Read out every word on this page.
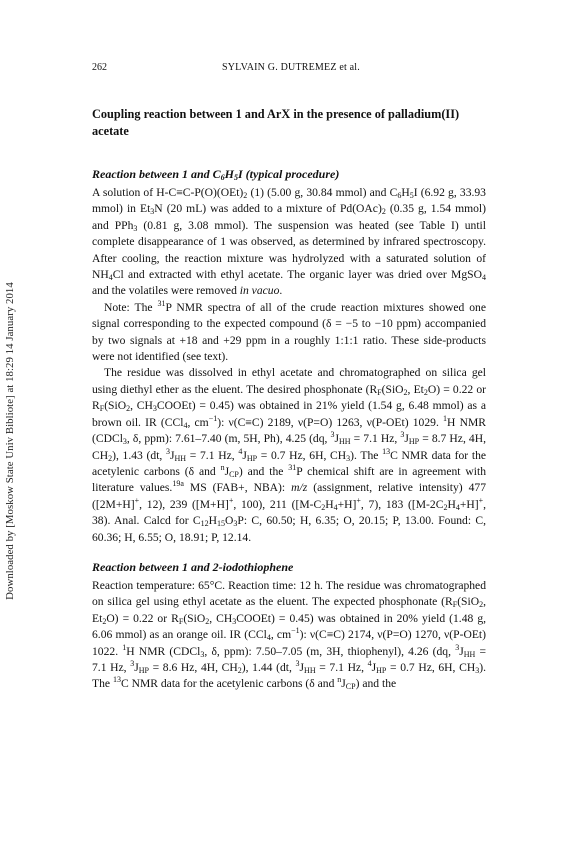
Downloaded by [Moskow State Univ Bibliote] at 18:29 14 January 2014
262	SYLVAIN G. DUTREMEZ et al.
Coupling reaction between 1 and ArX in the presence of palladium(II)
acetate
Reaction between 1 and $C_6H_5I$ (typical procedure)

A solution of $H-C\equiv C-P(O)(OEt)_2$ (1) (5.00 g, 30.84 mmol) and $C_6H_5I$ (6.92 g, 33.93 mmol) in $Et_3N$ (20 mL) was added to a mixture of $Pd(OAc)_2$ (0.35 g, 1.54 mmol) and PPh$_3$ (0.81 g, 3.08 mmol). The suspension was heated (see Table I) until complete disappearance of 1 was observed, as determined by infrared spectroscopy. After cooling, the reaction mixture was hydrolyzed with a saturated solution of $NH_4Cl$ and extracted with ethyl acetate. The organic layer was dried over MgSO$_4$ and the volatiles were removed in vacuo.

Note: The $^{31}$P NMR spectra of all of the crude reaction mixtures showed one signal corresponding to the expected compound (δ = −5 to −10 ppm) accompanied by two signals at +18 and +29 ppm in a roughly 1:1:1 ratio. These side-products were not identified (see text).

The residue was dissolved in ethyl acetate and chromatographed on silica gel using diethyl ether as the eluent. The desired phosphonate ($R_F(SiO_2$, $Et_2O) = 0.22$ or $R_F(SiO_2$, $CH_3COOEt) = 0.45$) was obtained in 21% yield (1.54 g, 6.48 mmol) as a brown oil. IR (CCl$_4$, $cm^{-1}$): ν(C≡C) 2189, ν(P=O) 1263, ν(P-OEt) 1029. $^1$H NMR (CDCl$_3$, δ, ppm): 7.61–7.40 (m, 5H, Ph), 4.25 (dq, $^3J_{HH} = 7.1$ Hz, $^3J_{HP} = 8.7$ Hz, 4H, $CH_2$), 1.43 (dt, $^3J_{HH} = 7.1$ Hz, $^4J_{HP} = 0.7$ Hz, 6H, $CH_3$). The $^{13}$C NMR data for the acetylenic carbons (δ and $^nJ_{CP}$) and the $^{31}$P chemical shift are in agreement with literature values.$^{19a}$ MS (FAB+, NBA): m/z (assignment, relative intensity) 477 ([2M+H]+, 12), 239 ([M+H]+, 100), 211 ($[M-C_2H_4+H]^+$, 7), 183 ($[M-2C_2H_4+H]^+$, 38). Anal. Calcd for $C_{12}H_{15}O_3P$: C, 60.50; H, 6.35; O, 20.15; P, 13.00. Found: C, 60.36; H, 6.55; O, 18.91; P, 12.14.

Reaction between 1 and 2-iodothiophene

Reaction temperature: 65°C. Reaction time: 12 h. The residue was chromatographed on silica gel using ethyl acetate as the eluent. The expected phosphonate ($R_F(SiO_2$, $Et_2O) = 0.22$ or $R_F(SiO_2$, $CH_3COOEt) = 0.45$) was obtained in 20% yield (1.48 g, 6.06 mmol) as an orange oil. IR (CCl$_4$, $cm^{-1}$): ν(C≡C) 2174, ν(P=O) 1270, ν(P-OEt) 1022. $^1$H NMR (CDCl$_3$, δ, ppm): 7.50–7.05 (m, 3H, thiophenyl), 4.26 (dq, $^3J_{HH} = 7.1$ Hz, $^3J_{HP} = 8.6$ Hz, 4H, $CH_2$), 1.44 (dt, $^3J_{HH} = 7.1$ Hz, $^4J_{HP} = 0.7$ Hz, 6H, $CH_3$). The $^{13}$C NMR data for the acetylenic carbons (δ and $^nJ_{CP}$) and the
